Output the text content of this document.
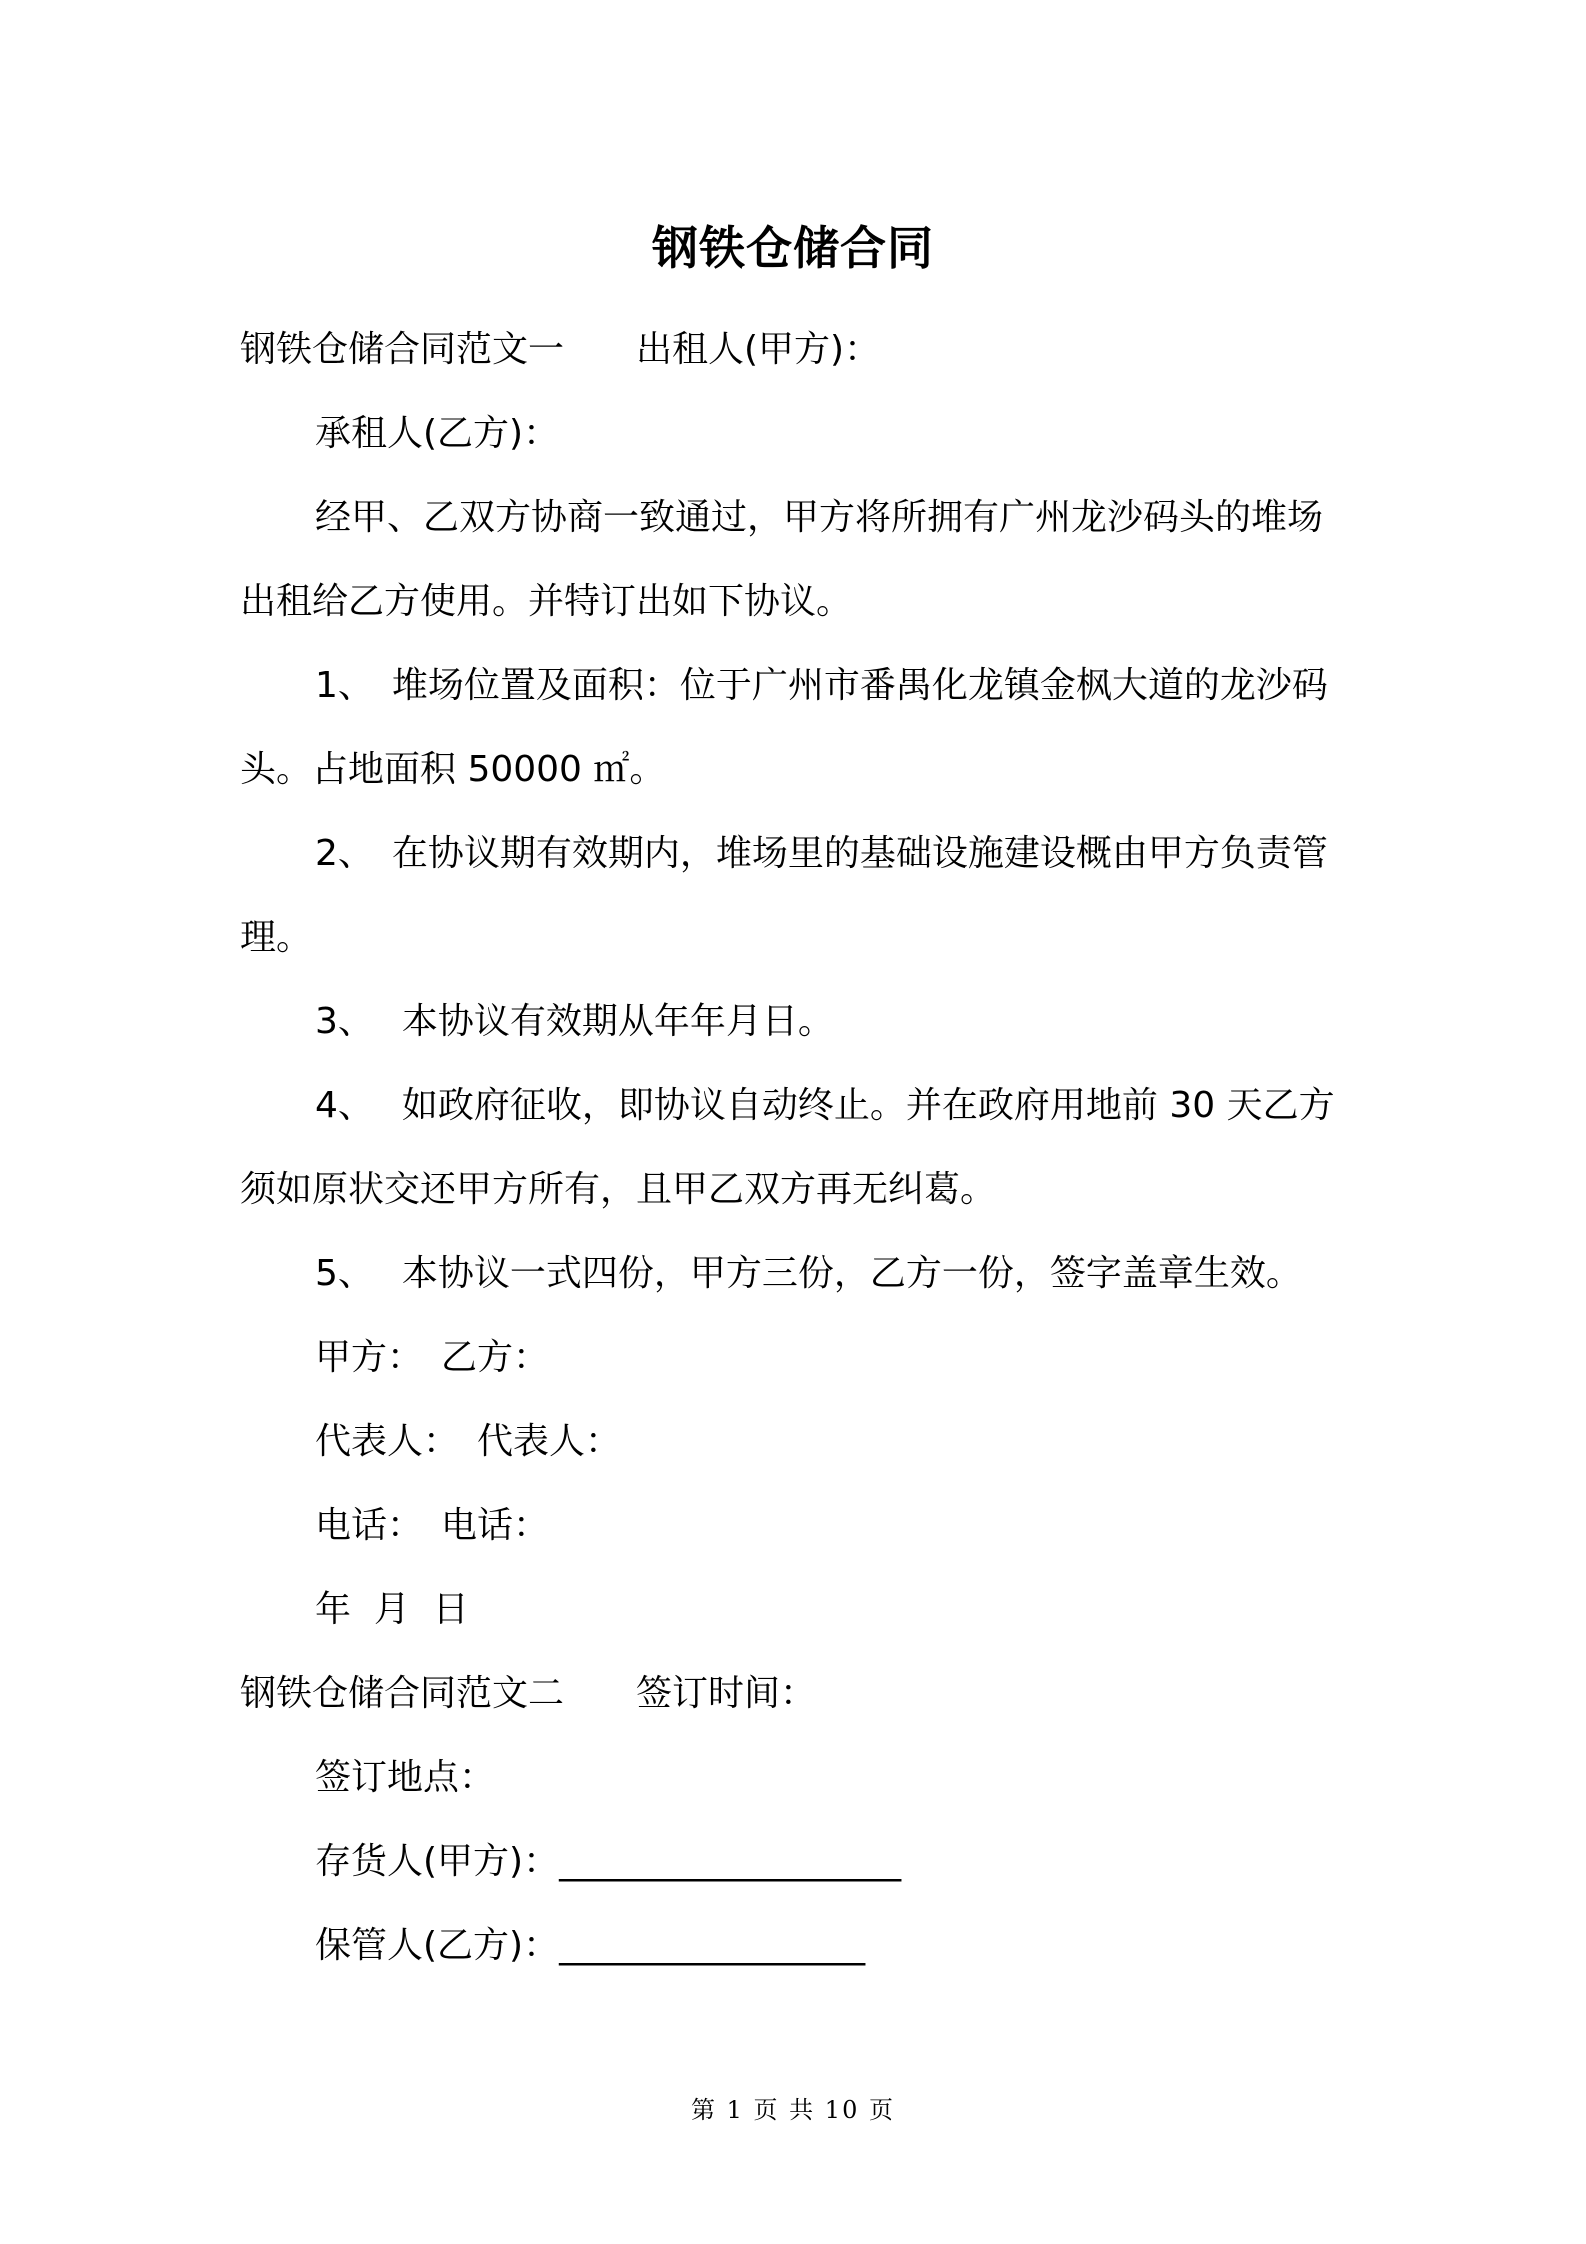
钢铁仓储合同
钢铁仓储合同范文一 出租人(甲方)：
承租人(乙方)：
经甲、乙双方协商一致通过，甲方将所拥有广州龙沙码头的堆场
出租给乙方使用。并特订出如下协议。
1、 堆场位置及面积：位于广州市番禺化龙镇金枫大道的龙沙码
头。占地面积 50000 ㎡。
2、 在协议期有效期内，堆场里的基础设施建设概由甲方负责管
理。
3、 本协议有效期从年年月日。
4、 如政府征收，即协议自动终止。并在政府用地前 30 天乙方
须如原状交还甲方所有，且甲乙双方再无纠葛。
5、 本协议一式四份，甲方三份，乙方一份，签字盖章生效。
甲方： 乙方：
代表人： 代表人：
电话： 电话：
年  月  日
钢铁仓储合同范文二 签订时间：
签订地点：
存货人(甲方)：___________________
保管人(乙方)：_________________
第 1 页 共 10 页
